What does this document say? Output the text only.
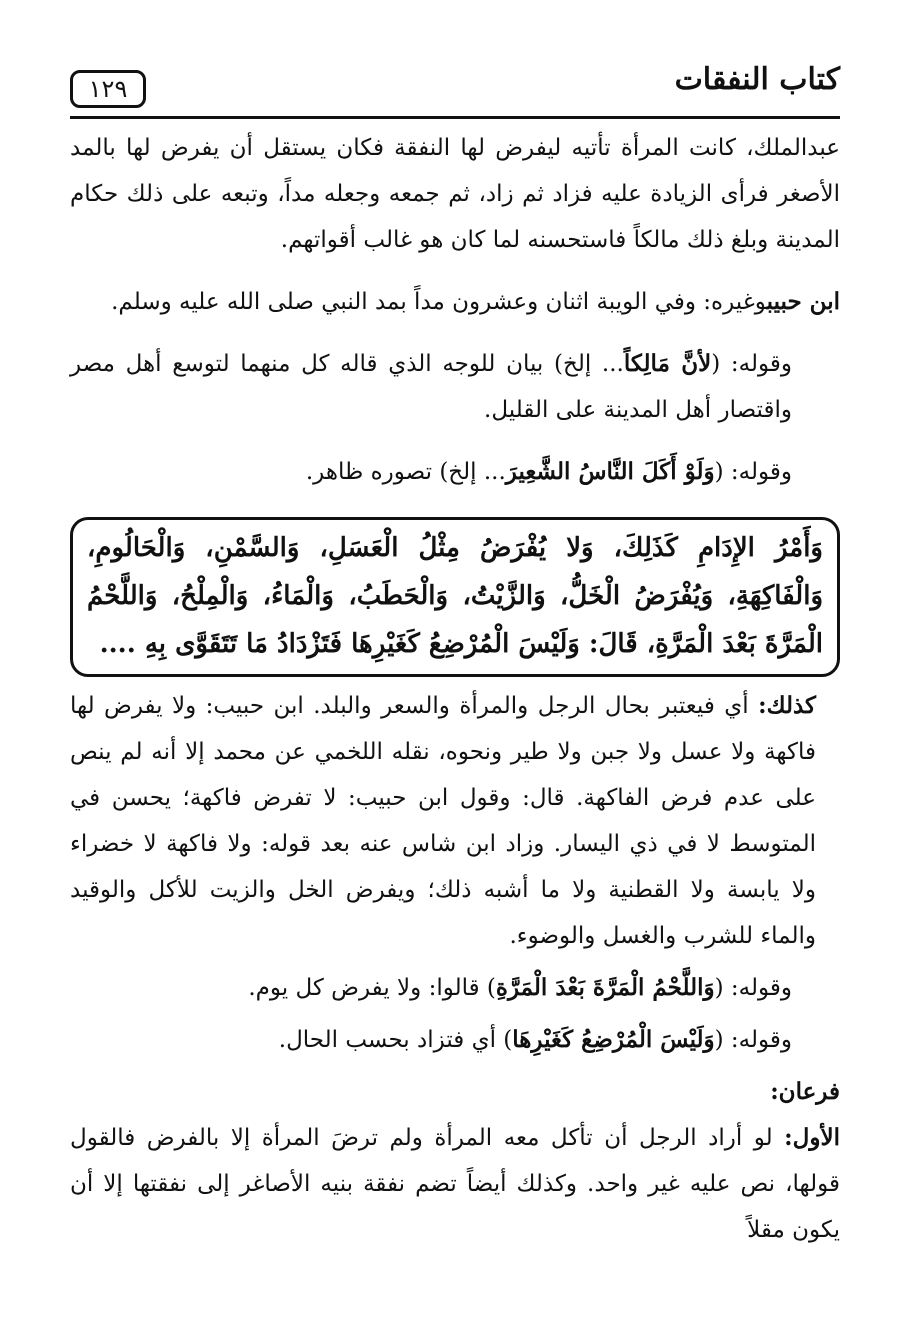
كتاب النفقات
١٢٩

عبدالملك، كانت المرأة تأتيه ليفرض لها النفقة فكان يستقل أن يفرض لها بالمد الأصغر فرأى الزيادة عليه فزاد ثم زاد، ثم جمعه وجعله مداً، وتبعه على ذلك حكام المدينة وبلغ ذلك مالكاً فاستحسنه لما كان هو غالب أقواتهم.

ابن حبيبوغيره: وفي الويبة اثنان وعشرون مداً بمد النبي صلى الله عليه وسلم.

وقوله: (لأنَّ مَالِكاً... إلخ) بيان للوجه الذي قاله كل منهما لتوسع أهل مصر واقتصار أهل المدينة على القليل.

وقوله: (وَلَوْ أَكَلَ النَّاسُ الشَّعِيرَ... إلخ) تصوره ظاهر.

وَأَمْرُ الإِدَامِ كَذَلِكَ، وَلا يُفْرَضُ مِثْلُ الْعَسَلِ، وَالسَّمْنِ، وَالْحَالُومِ، وَالْفَاكِهَةِ، وَيُفْرَضُ الْخَلُّ، وَالزَّيْتُ، وَالْحَطَبُ، وَالْمَاءُ، وَالْمِلْحُ، وَاللَّحْمُ الْمَرَّةَ بَعْدَ الْمَرَّةِ، قَالَ: وَلَيْسَ الْمُرْضِعُ كَغَيْرِهَا فَتَزْدَادُ مَا تَتَقَوَّى بِهِ ....

كذلك: أي فيعتبر بحال الرجل والمرأة والسعر والبلد. ابن حبيب: ولا يفرض لها فاكهة ولا عسل ولا جبن ولا طير ونحوه، نقله اللخمي عن محمد إلا أنه لم ينص على عدم فرض الفاكهة. قال: وقول ابن حبيب: لا تفرض فاكهة؛ يحسن في المتوسط لا في ذي اليسار. وزاد ابن شاس عنه بعد قوله: ولا فاكهة لا خضراء ولا يابسة ولا القطنية ولا ما أشبه ذلك؛ ويفرض الخل والزيت للأكل والوقيد والماء للشرب والغسل والوضوء.

وقوله: (وَاللَّحْمُ الْمَرَّةَ بَعْدَ الْمَرَّةِ) قالوا: ولا يفرض كل يوم.

وقوله: (وَلَيْسَ الْمُرْضِعُ كَغَيْرِهَا) أي فتزاد بحسب الحال.

فرعان:

الأول: لو أراد الرجل أن تأكل معه المرأة ولم ترضَ المرأة إلا بالفرض فالقول قولها، نص عليه غير واحد. وكذلك أيضاً تضم نفقة بنيه الأصاغر إلى نفقتها إلا أن يكون مقلاً
